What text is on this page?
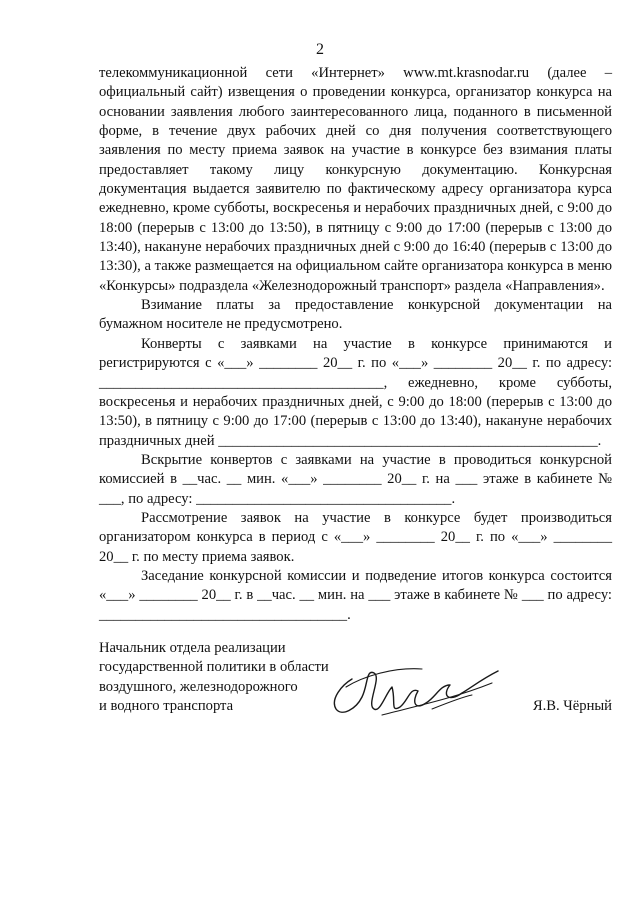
2

телекоммуникационной сети «Интернет» www.mt.krasnodar.ru (далее – официальный сайт) извещения о проведении конкурса, организатор конкурса на основании заявления любого заинтересованного лица, поданного в письменной форме, в течение двух рабочих дней со дня получения соответствующего заявления по месту приема заявок на участие в конкурсе без взимания платы предоставляет такому лицу конкурсную документацию. Конкурсная документация выдается заявителю по фактическому адресу организатора курса ежедневно, кроме субботы, воскресенья и нерабочих праздничных дней, с 9:00 до 18:00 (перерыв с 13:00 до 13:50), в пятницу с 9:00 до 17:00 (перерыв с 13:00 до 13:40), накануне нерабочих праздничных дней с 9:00 до 16:40 (перерыв с 13:00 до 13:30), а также размещается на официальном сайте организатора конкурса в меню «Конкурсы» подраздела «Железнодорожный транспорт» раздела «Направления».

Взимание платы за предоставление конкурсной документации на бумажном носителе не предусмотрено.

Конверты с заявками на участие в конкурсе принимаются и регистрируются с «___» ________ 20__ г. по «___» ________ 20__ г. по адресу: _______________________________________, ежедневно, кроме субботы, воскресенья и нерабочих праздничных дней, с 9:00 до 18:00 (перерыв с 13:00 до 13:50), в пятницу с 9:00 до 17:00 (перерыв с 13:00 до 13:40), накануне нерабочих праздничных дней ____________________________________________________.

Вскрытие конвертов с заявками на участие в проводиться конкурсной комиссией в __час. __ мин. «___» ________ 20__ г. на ___ этаже в кабинете № ___, по адресу: ___________________________________.

Рассмотрение заявок на участие в конкурсе будет производиться организатором конкурса в период с «___» ________ 20__ г. по «___» ________ 20__ г. по месту приема заявок.

Заседание конкурсной комиссии и подведение итогов конкурса состоится «___» ________ 20__ г. в __час. __ мин. на ___ этаже в кабинете № ___ по адресу: __________________________________.

Начальник отдела реализации
государственной политики в области
воздушного, железнодорожного
и водного транспорта	Я.В. Чёрный
